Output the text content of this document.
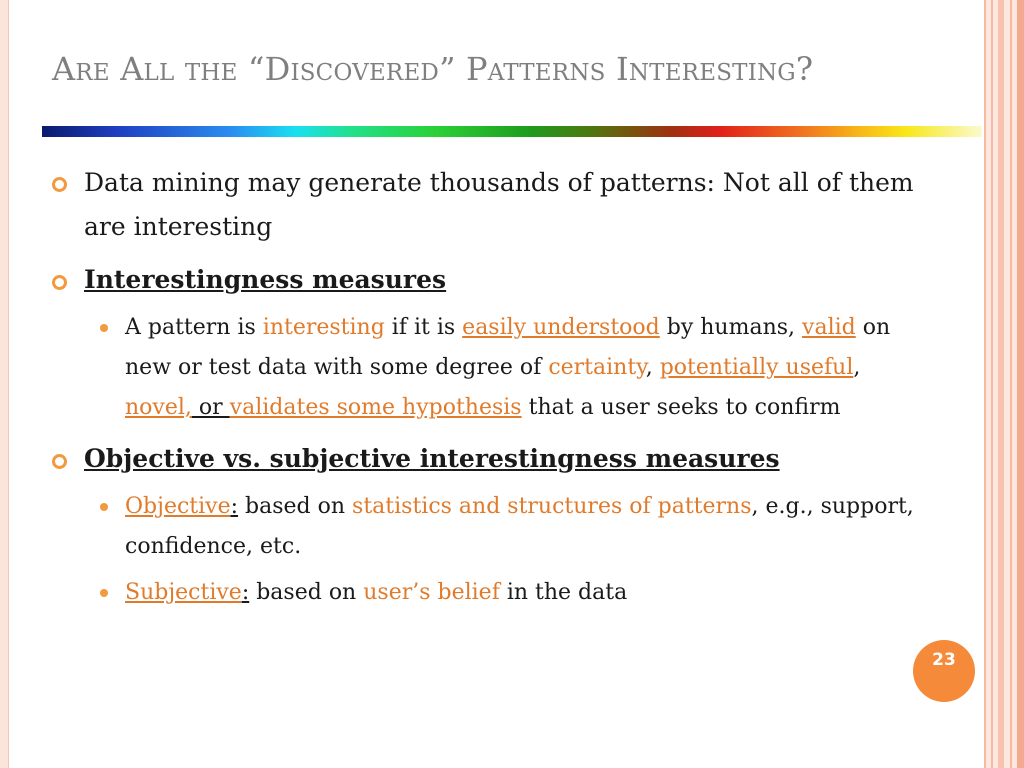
ARE ALL THE “DISCOVERED” PATTERNS INTERESTING?
Data mining may generate thousands of patterns: Not all of them
are interesting
Interestingness measures
A pattern is interesting if it is easily understood by humans, valid on
new or test data with some degree of certainty, potentially useful,
novel, or validates some hypothesis that a user seeks to confirm
Objective vs. subjective interestingness measures
Objective: based on statistics and structures of patterns, e.g., support,
confidence, etc.
Subjective: based on user’s belief in the data
23
